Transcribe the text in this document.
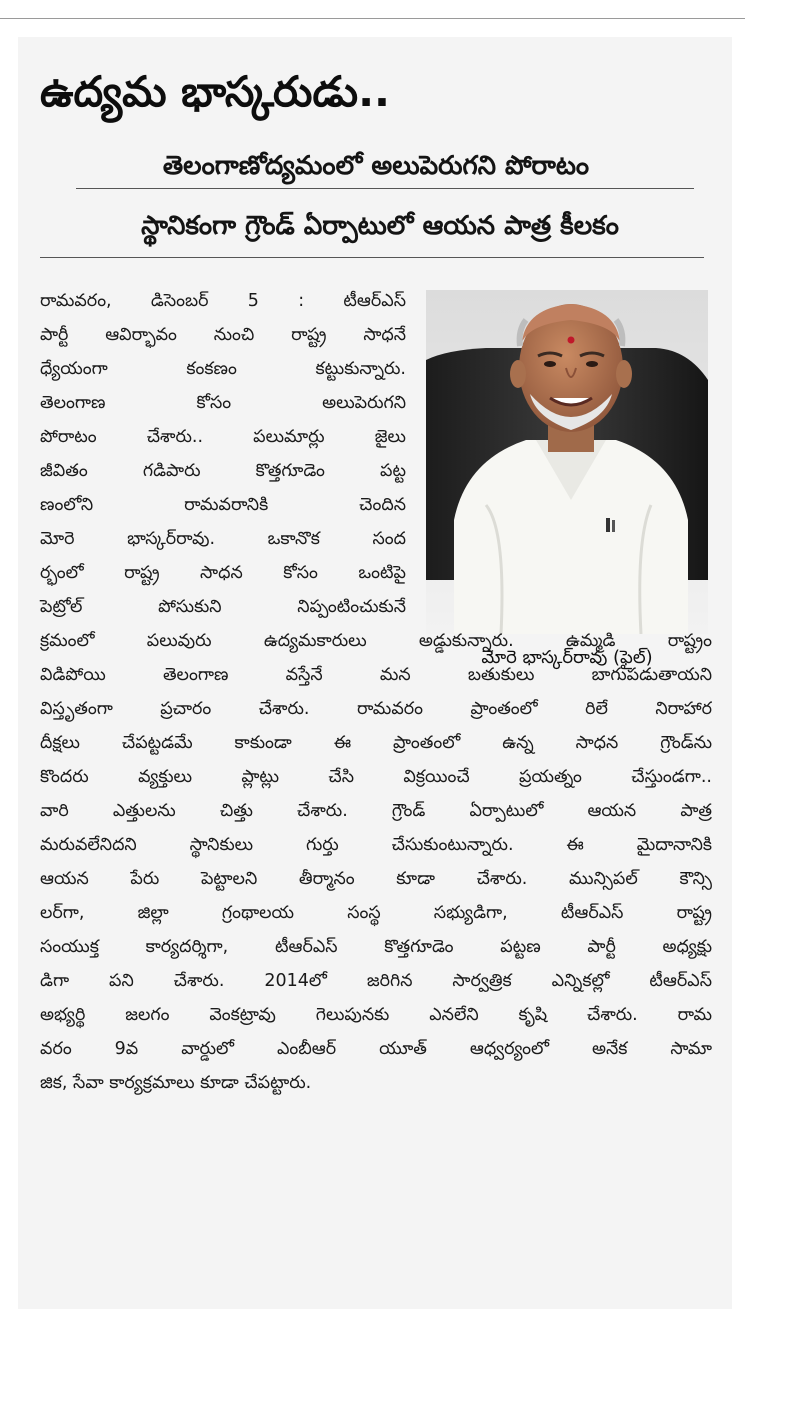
ఉద్యమ భాస్కరుడు..

తెలంగాణోద్యమంలో అలుపెరుగని పోరాటం

స్థానికంగా గ్రౌండ్ ఏర్పాటులో ఆయన పాత్ర కీలకం

మోరె భాస్కర్‌రావు (ఫైల్)
రామవరం, డిసెంబర్ 5 : టీఆర్ఎస్
పార్టీ ఆవిర్భావం నుంచి రాష్ట్ర సాధనే
ధ్యేయంగా కంకణం కట్టుకున్నారు.
తెలంగాణ కోసం అలుపెరుగని
పోరాటం చేశారు.. పలుమార్లు జైలు
జీవితం గడిపారు కొత్తగూడెం పట్ట
ణంలోని రామవరానికి చెందిన
మోరె భాస్కర్‌రావు. ఒకానొక సంద
ర్భంలో రాష్ట్ర సాధన కోసం ఒంటిపై
పెట్రోల్ పోసుకుని నిప్పంటించుకునే
క్రమంలో పలువురు ఉద్యమకారులు అడ్డుకున్నారు. ఉమ్మడి రాష్ట్రం
విడిపోయి తెలంగాణ వస్తేనే మన బతుకులు బాగుపడుతాయని
విస్తృతంగా ప్రచారం చేశారు. రామవరం ప్రాంతంలో రిలే నిరాహార
దీక్షలు చేపట్టడమే కాకుండా ఈ ప్రాంతంలో ఉన్న సాధన గ్రౌండ్‌ను
కొందరు వ్యక్తులు ప్లాట్లు చేసి విక్రయించే ప్రయత్నం చేస్తుండగా..
వారి ఎత్తులను చిత్తు చేశారు. గ్రౌండ్ ఏర్పాటులో ఆయన పాత్ర
మరువలేనిదని స్థానికులు గుర్తు చేసుకుంటున్నారు. ఈ మైదానానికి
ఆయన పేరు పెట్టాలని తీర్మానం కూడా చేశారు. మున్సిపల్ కౌన్సి
లర్‌గా, జిల్లా గ్రంథాలయ సంస్థ సభ్యుడిగా, టీఆర్ఎస్ రాష్ట్ర
సంయుక్త కార్యదర్శిగా, టీఆర్ఎస్ కొత్తగూడెం పట్టణ పార్టీ అధ్యక్షు
డిగా పని చేశారు. 2014లో జరిగిన సార్వత్రిక ఎన్నికల్లో టీఆర్ఎస్
అభ్యర్థి జలగం వెంకట్రావు గెలుపునకు ఎనలేని కృషి చేశారు. రామ
వరం 9వ వార్డులో ఎంబీఆర్ యూత్ ఆధ్వర్యంలో అనేక సామా
జిక, సేవా కార్యక్రమాలు కూడా చేపట్టారు.
